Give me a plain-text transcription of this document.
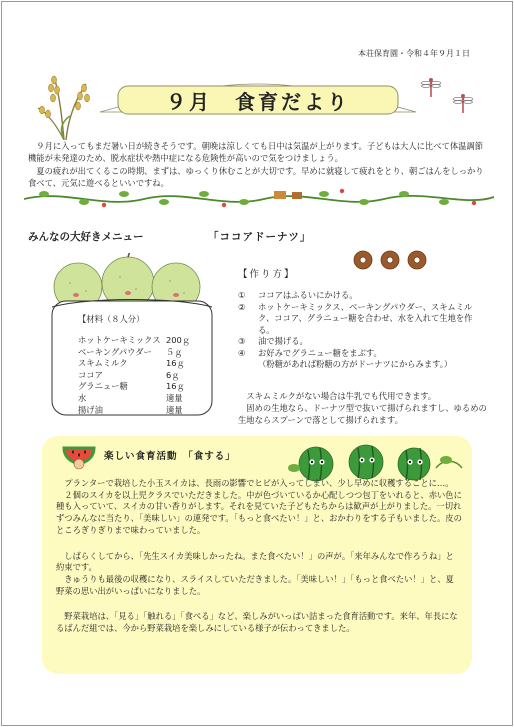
本荘保育園・令和４年９月１日
９月　食育だより

９月に入ってもまだ暑い日が続きそうです。朝晩は涼しくても日中は気温が上がります。子どもは大人に比べて体温調節機能が未発達のため、脱水症状や熱中症になる危険性が高いので気をつけましょう。

夏の疲れが出てくるこの時期、まずは、ゆっくり休むことが大切です。早めに就寝して疲れをとり、朝ごはんをしっかり食べて、元気に遊べるといいですね。

みんなの大好きメニュー	「ココアドーナツ」
【材料（８人分）
ホットケーキミックス 200ｇ
ベーキングパウダー	５ｇ
スキムミルク	16ｇ
ココア	6ｇ
グラニュー糖	16ｇ
水	適量
揚げ油	適量
【作り方】
①	ココアはふるいにかける。
②	ホットケーキミックス、ベーキングパウダー、スキムミルク、ココア、グラニュー糖を合わせ、水を入れて生地を作る。
③	油で揚げる。
④	お好みでグラニュー糖をまぶす。
（粉糖があれば粉糖の方がドーナツにからみます。）

スキムミルクがない場合は牛乳でも代用できます。

固めの生地なら、ドーナツ型で抜いて揚げられますし、ゆるめの生地ならスプーンで落として揚げられます。

楽しい食育活動　「食する」

プランターで栽培した小玉スイカは、長雨の影響でヒビが入ってしまい、少し早めに収穫することに…。

２個のスイカを以上児クラスでいただきました。中が色づいているか心配しつつ包丁をいれると、赤い色に種も入っていて、スイカの甘い香りがします。それを見ていた子どもたちからは歓声が上がりました。一切れずつみんなに当たり、「美味しい」の連発です。「もっと食べたい！」と、おかわりをする子もいました。皮のところぎりぎりまで味わっていました。

しばらくしてから、「先生スイカ美味しかったね。また食べたい！」の声が。「来年みんなで作ろうね」と約束です。

きゅうりも最後の収穫になり、スライスしていただきました。「美味しい！」「もっと食べたい！」と、夏野菜の思い出がいっぱいになりました。

野菜栽培は、「見る」「触れる」「食べる」など、楽しみがいっぱい詰まった食育活動です。来年、年長になるばんだ組では、今から野菜栽培を楽しみにしている様子が伝わってきました。
